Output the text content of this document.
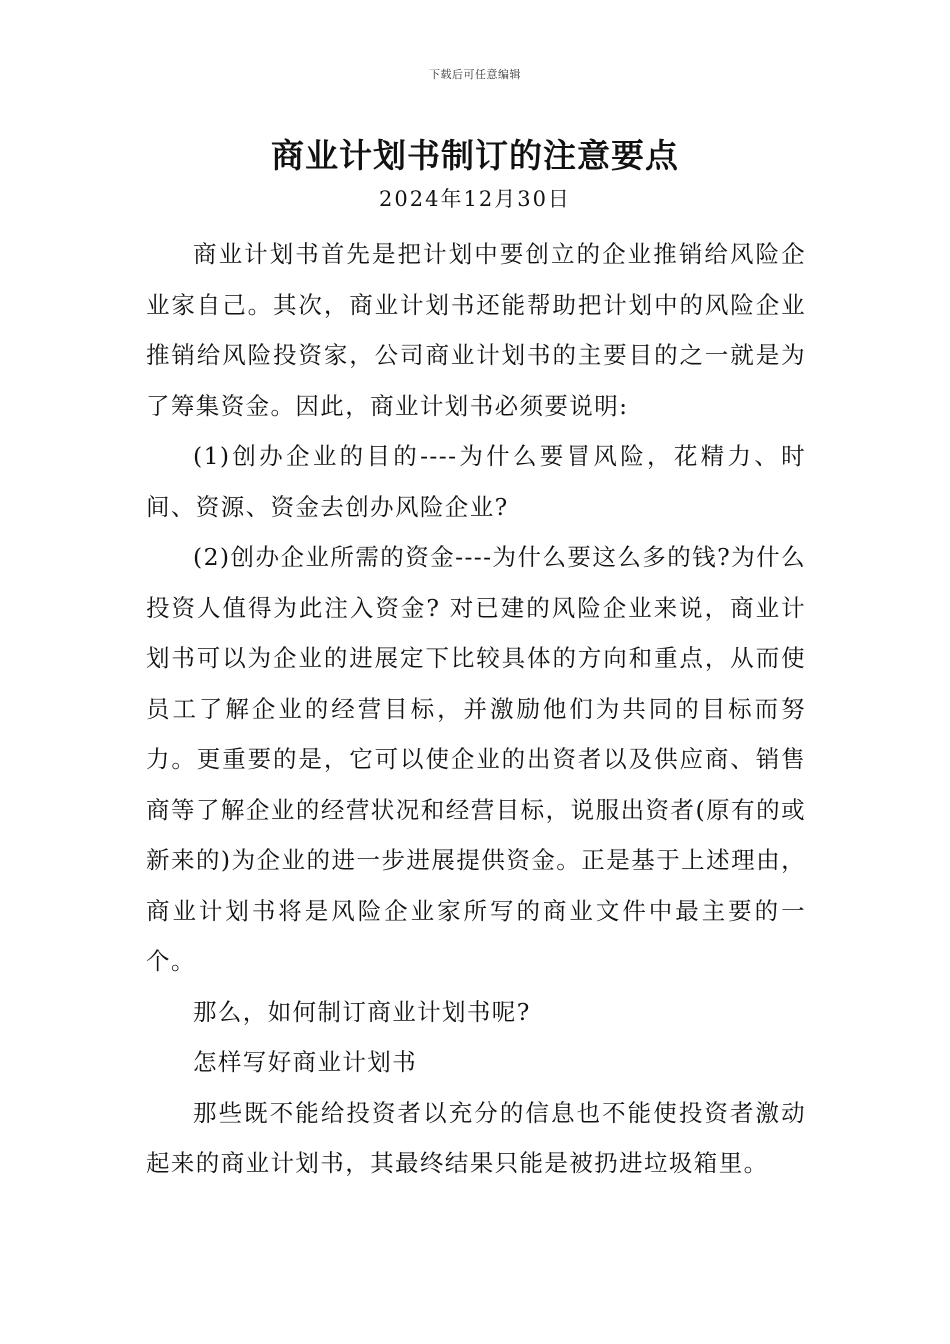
下载后可任意编辑
商业计划书制订的注意要点
2024年12月30日

商业计划书首先是把计划中要创立的企业推销给风险企业家自己。其次，商业计划书还能帮助把计划中的风险企业推销给风险投资家，公司商业计划书的主要目的之一就是为了筹集资金。因此，商业计划书必须要说明:

(1)创办企业的目的----为什么要冒风险，花精力、时间、资源、资金去创办风险企业?

(2)创办企业所需的资金----为什么要这么多的钱?为什么投资人值得为此注入资金? 对已建的风险企业来说，商业计划书可以为企业的进展定下比较具体的方向和重点，从而使员工了解企业的经营目标，并激励他们为共同的目标而努力。更重要的是，它可以使企业的出资者以及供应商、销售商等了解企业的经营状况和经营目标，说服出资者(原有的或新来的)为企业的进一步进展提供资金。正是基于上述理由，商业计划书将是风险企业家所写的商业文件中最主要的一个。

那么，如何制订商业计划书呢?

怎样写好商业计划书

那些既不能给投资者以充分的信息也不能使投资者激动起来的商业计划书，其最终结果只能是被扔进垃圾箱里。
